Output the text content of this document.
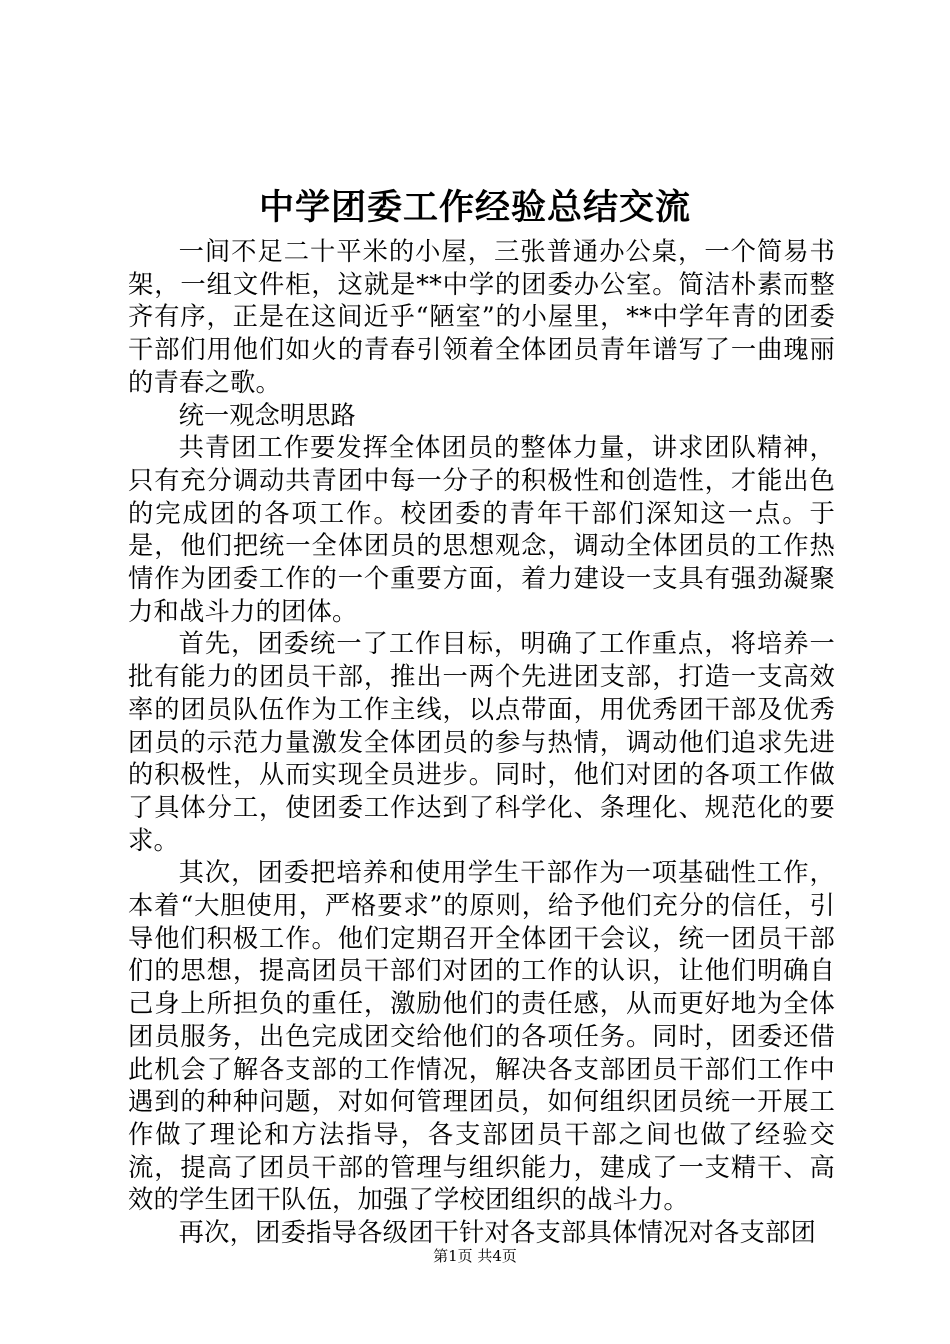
中学团委工作经验总结交流

一间不足二十平米的小屋，三张普通办公桌，一个简易书架，一组文件柜，这就是**中学的团委办公室。简洁朴素而整齐有序，正是在这间近乎“陋室”的小屋里，**中学年青的团委干部们用他们如火的青春引领着全体团员青年谱写了一曲瑰丽的青春之歌。

统一观念明思路

共青团工作要发挥全体团员的整体力量，讲求团队精神，只有充分调动共青团中每一分子的积极性和创造性，才能出色的完成团的各项工作。校团委的青年干部们深知这一点。于是，他们把统一全体团员的思想观念，调动全体团员的工作热情作为团委工作的一个重要方面，着力建设一支具有强劲凝聚力和战斗力的团体。

首先，团委统一了工作目标，明确了工作重点，将培养一批有能力的团员干部，推出一两个先进团支部，打造一支高效率的团员队伍作为工作主线，以点带面，用优秀团干部及优秀团员的示范力量激发全体团员的参与热情，调动他们追求先进的积极性，从而实现全员进步。同时，他们对团的各项工作做了具体分工，使团委工作达到了科学化、条理化、规范化的要求。

其次，团委把培养和使用学生干部作为一项基础性工作，本着“大胆使用，严格要求”的原则，给予他们充分的信任，引导他们积极工作。他们定期召开全体团干会议，统一团员干部们的思想，提高团员干部们对团的工作的认识，让他们明确自己身上所担负的重任，激励他们的责任感，从而更好地为全体团员服务，出色完成团交给他们的各项任务。同时，团委还借此机会了解各支部的工作情况，解决各支部团员干部们工作中遇到的种种问题，对如何管理团员，如何组织团员统一开展工作做了理论和方法指导，各支部团员干部之间也做了经验交流，提高了团员干部的管理与组织能力，建成了一支精干、高效的学生团干队伍，加强了学校团组织的战斗力。

再次，团委指导各级团干针对各支部具体情况对各支部团

第1页 共4页
